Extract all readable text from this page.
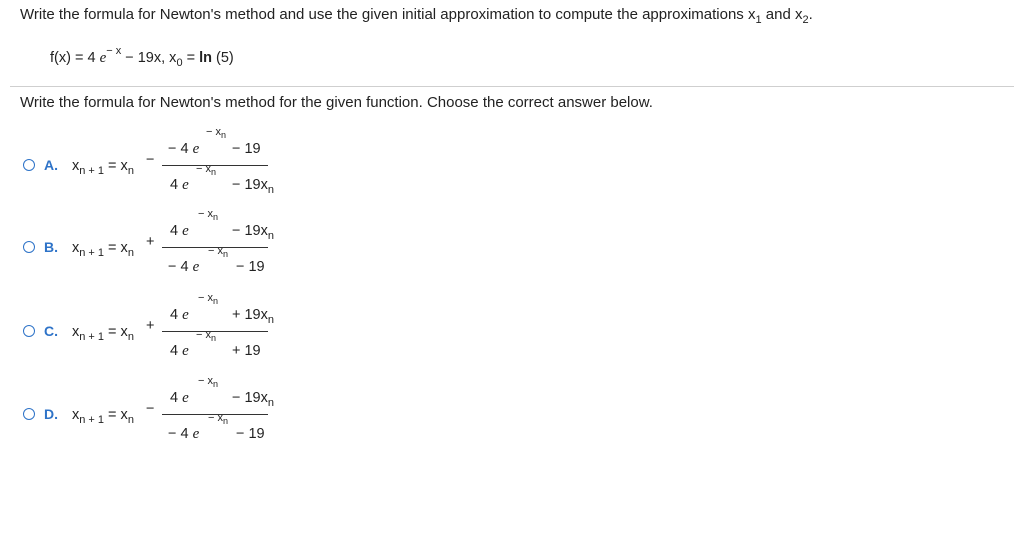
Write the formula for Newton's method and use the given initial approximation to compute the approximations $x_1$ and $x_2$.
f(x) = 4 $e^{- x} - 19x$, $x_0 = \ln (5)$
Write the formula for Newton's method for the given function. Choose the correct answer below.
A. $x_{n + 1} = x_n$
−
− 4 e
− $x_n$
− 19
4 e
− $x_n$
− $19x_n$
B. $x_{n + 1} = x_n$
+
4 e
− $x_n$
− $19x_n$
− 4 e
− $x_n$
− 19
C. $x_{n + 1} = x_n$
+
4 e
− $x_n$
+ $19x_n$
4 e
− $x_n$
+ 19
D. $x_{n + 1} = x_n$
−
4 e
− $x_n$
− $19x_n$
− 4 e
− $x_n$
− 19
